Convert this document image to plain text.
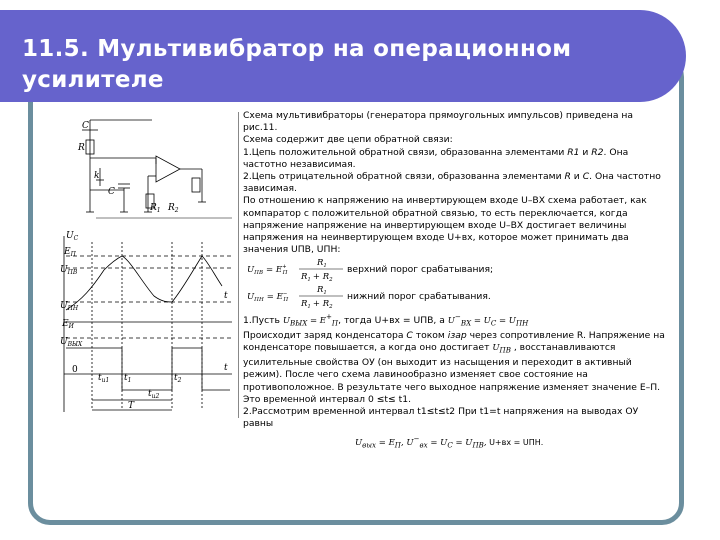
11.5. Мультивибратор на операционном
усилителе
C
R
k
C
$R_1$ $R_2$
$U_C$
$E_П$
$U_{ПВ}$
t
$U_{ПН}$
$E_И$
$U_{ВЫХ}$
0
$t_{u1}$ $t_1$	$t_2$
$t_{u2}$
t
T

Схема мультивибраторы (генератора прямоугольных импульсов) приведена на рис.11.

Схема содержит две цепи обратной связи:

1.Цепь положительной обратной связи, образованна элементами R1 и R2. Она частотно независимая.

2.Цепь отрицательной обратной связи, образованна элементами R и C. Она частотно зависимая.

По отношению к напряжению на инвертирующем входе U–ВХ схема работает, как компаратор с положительной обратной связью, то есть переключается, когда напряжение напряжение на инвертирующем входе U–ВХ достигает величины напряжения на неинвертирующем входе U+вх, которое может принимать два значения UПВ, UПН:

$U_{ПВ} = E^+$ П
$R_1$
$R_1 + R_2$
верхний порог срабатывания;
$U_{ПН} = E^-$ П
$R_1$
$R_1 + R_2$
нижний порог срабатывания.

1.Пусть $U_{ВЫХ} = E^+_П$, тогда U+вх = UПВ, а $U^-_{ВХ} = U_C = U_{ПН}$

Происходит заряд конденсатора C током iзар через сопротивление R. Напряжение на конденсаторе повышается, а когда оно достигает $U_{ПВ}$ , восстанавливаются усилительные свойства ОУ (он выходит из насыщения и переходит в активный режим). После чего схема лавинообразно изменяет свое состояние на противоположное. В результате чего выходное напряжение изменяет значение Е–П. Это временной интервал 0 ≤t≤ t1.

2.Рассмотрим временной интервал t1≤t≤t2 При t1=t напряжения на выводах ОУ равны

$U_{вых} = E_П$, $U^-_{вх} = U_C = U_{ПВ}$, U+вх = UПН.
